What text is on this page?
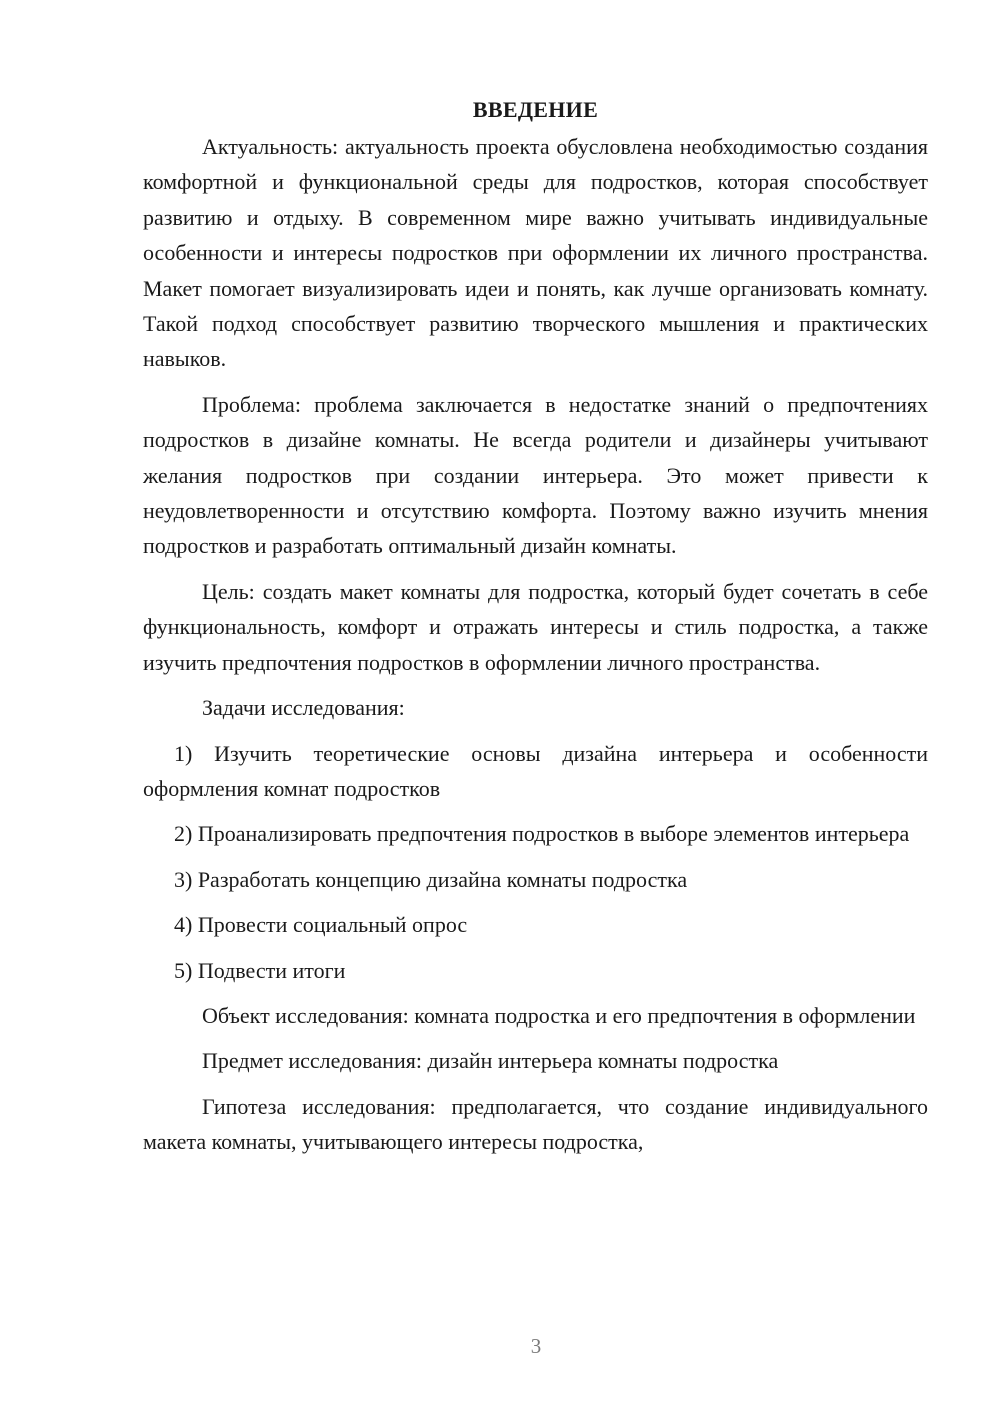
ВВЕДЕНИЕ

Актуальность: актуальность проекта обусловлена необходимостью создания комфортной и функциональной среды для подростков, которая способствует развитию и отдыху. В современном мире важно учитывать индивидуальные особенности и интересы подростков при оформлении их личного пространства. Макет помогает визуализировать идеи и понять, как лучше организовать комнату. Такой подход способствует развитию творческого мышления и практических навыков.

Проблема: проблема заключается в недостатке знаний о предпочтениях подростков в дизайне комнаты. Не всегда родители и дизайнеры учитывают желания подростков при создании интерьера. Это может привести к неудовлетворенности и отсутствию комфорта. Поэтому важно изучить мнения подростков и разработать оптимальный дизайн комнаты.

Цель: создать макет комнаты для подростка, который будет сочетать в себе функциональность, комфорт и отражать интересы и стиль подростка, а также изучить предпочтения подростков в оформлении личного пространства.

Задачи исследования:

1) Изучить теоретические основы дизайна интерьера и особенности оформления комнат подростков

2) Проанализировать предпочтения подростков в выборе элементов интерьера

3) Разработать концепцию дизайна комнаты подростка

4) Провести социальный опрос

5) Подвести итоги

Объект исследования: комната подростка и его предпочтения в оформлении

Предмет исследования: дизайн интерьера комнаты подростка

Гипотеза исследования: предполагается, что создание индивидуального макета комнаты, учитывающего интересы подростка,

3
